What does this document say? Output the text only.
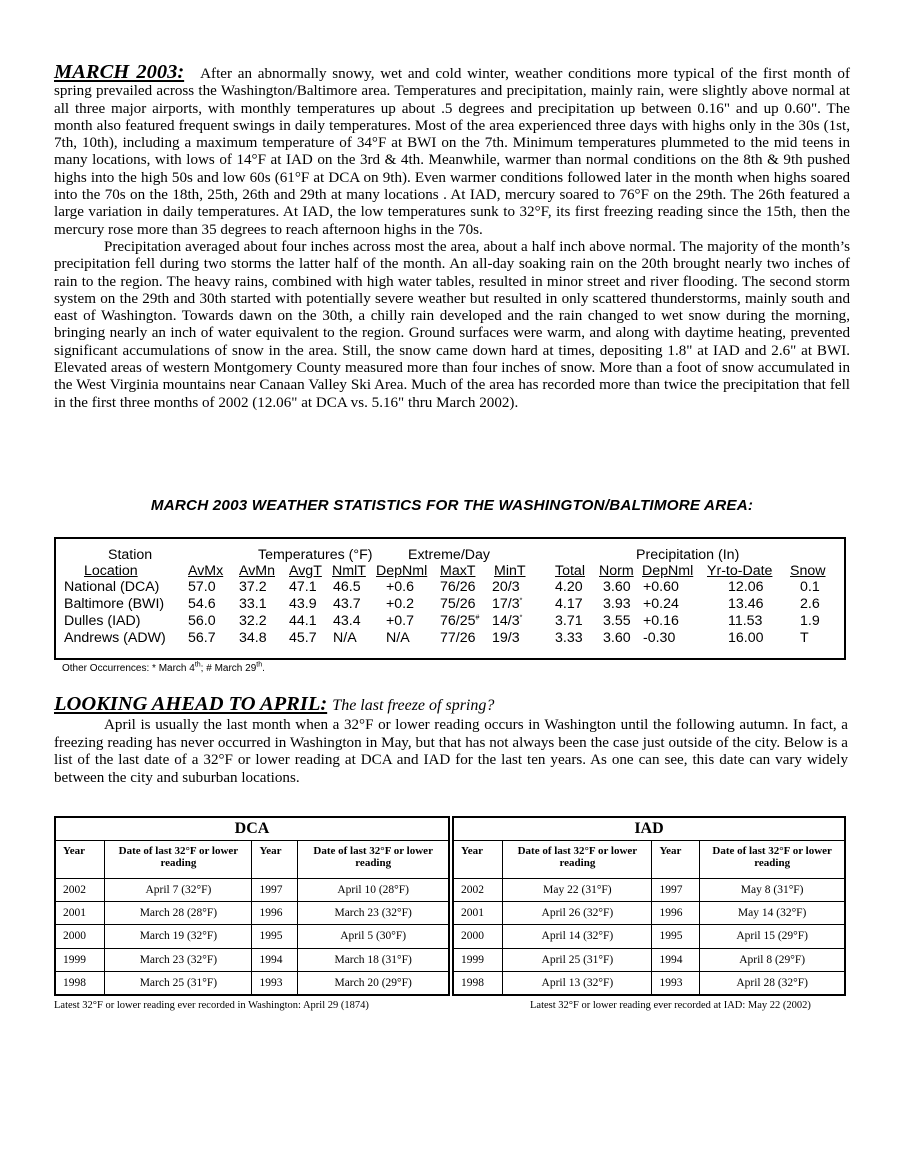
MARCH 2003: After an abnormally snowy, wet and cold winter, weather conditions more typical of the first month of spring prevailed across the Washington/Baltimore area. Temperatures and precipitation, mainly rain, were slightly above normal at all three major airports, with monthly temperatures up about .5 degrees and precipitation up between 0.16" and up 0.60". The month also featured frequent swings in daily temperatures. Most of the area experienced three days with highs only in the 30s (1st, 7th, 10th), including a maximum temperature of 34°F at BWI on the 7th. Minimum temperatures plummeted to the mid teens in many locations, with lows of 14°F at IAD on the 3rd & 4th. Meanwhile, warmer than normal conditions on the 8th & 9th pushed highs into the high 50s and low 60s (61°F at DCA on 9th). Even warmer conditions followed later in the month when highs soared into the 70s on the 18th, 25th, 26th and 29th at many locations . At IAD, mercury soared to 76°F on the 29th. The 26th featured a large variation in daily temperatures. At IAD, the low temperatures sunk to 32°F, its first freezing reading since the 15th, then the mercury rose more than 35 degrees to reach afternoon highs in the 70s.

Precipitation averaged about four inches across most the area, about a half inch above normal. The majority of the month’s precipitation fell during two storms the latter half of the month. An all-day soaking rain on the 20th brought nearly two inches of rain to the region. The heavy rains, combined with high water tables, resulted in minor street and river flooding. The second storm system on the 29th and 30th started with potentially severe weather but resulted in only scattered thunderstorms, mainly south and east of Washington. Towards dawn on the 30th, a chilly rain developed and the rain changed to wet snow during the morning, bringing nearly an inch of water equivalent to the region. Ground surfaces were warm, and along with daytime heating, prevented significant accumulations of snow in the area. Still, the snow came down hard at times, depositing 1.8" at IAD and 2.6" at BWI. Elevated areas of western Montgomery County measured more than four inches of snow. More than a foot of snow accumulated in the West Virginia mountains near Canaan Valley Ski Area. Much of the area has recorded more than twice the precipitation that fell in the first three months of 2002 (12.06" at DCA vs. 5.16" thru March 2002).

MARCH 2003 WEATHER STATISTICS FOR THE WASHINGTON/BALTIMORE AREA:
Station	Temperatures (°F)	Extreme/Day	Precipitation (In)
Location	AvMx AvMn AvgT NmlT DepNml MaxT MinT Total Norm DepNml Yr-to-Date Snow
National (DCA) 57.0 37.2 47.1 46.5 +0.6 76/26 20/3 4.20 3.60 +0.60	12.06	0.1
Baltimore (BWI) 54.6 33.1 43.9 43.7 +0.2 75/26 17/3* 4.17 3.93 +0.24	13.46	2.6
Dulles (IAD)	56.0 32.2 44.1 43.4 +0.7 76/25# 14/3* 3.71 3.55 +0.16	11.53	1.9
Andrews (ADW) 56.7 34.8 45.7 N/A N/A 77/26 19/3 3.33 3.60 -0.30	16.00	T
Other Occurrences: * March 4th; # March 29th.
LOOKING AHEAD TO APRIL: The last freeze of spring?

April is usually the last month when a 32°F or lower reading occurs in Washington until the following autumn. In fact, a freezing reading has never occurred in Washington in May, but that has not always been the case just outside of the city. Below is a list of the last date of a 32°F or lower reading at DCA and IAD for the last ten years. As one can see, this date can vary widely between the city and suburban locations.

DCA			
Year	Date of last 32°F or lower reading	Year	Date of last 32°F or lower reading
2002	April 7 (32°F)	1997	April 10 (28°F)
2001	March 28 (28°F)	1996	March 23 (32°F)
2000	March 19 (32°F)	1995	April 5 (30°F)
1999	March 23 (32°F)	1994	March 18 (31°F)
1998	March 25 (31°F)	1993	March 20 (29°F)
IAD			
Year	Date of last 32°F or lower reading	Year	Date of last 32°F or lower reading
2002	May 22 (31°F)	1997	May 8 (31°F)
2001	April 26 (32°F)	1996	May 14 (32°F)
2000	April 14 (32°F)	1995	April 15 (29°F)
1999	April 25 (31°F)	1994	April 8 (29°F)
1998	April 13 (32°F)	1993	April 28 (32°F)
Latest 32°F or lower reading ever recorded in Washington: April 29 (1874)	Latest 32°F or lower reading ever recorded at IAD: May 22 (2002)
